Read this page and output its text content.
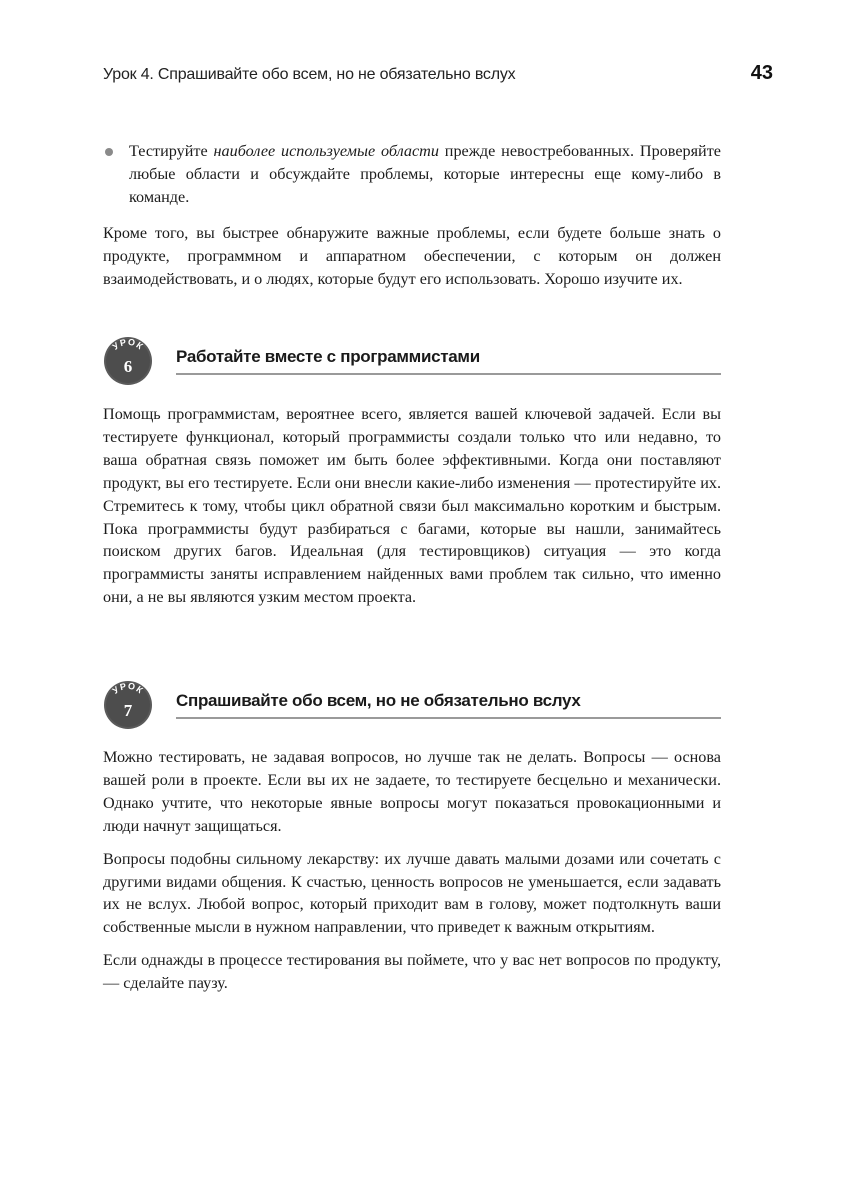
Урок 4. Спрашивайте обо всем, но не обязательно вслух	43
Тестируйте наиболее используемые области прежде невостребованных. Проверяйте любые области и обсуждайте проблемы, которые интересны еще кому-либо в команде.

Кроме того, вы быстрее обнаружите важные проблемы, если будете больше знать о продукте, программном и аппаратном обеспечении, с которым он должен взаимодействовать, и о людях, которые будут его использовать. Хорошо изучите их.

УРОК
6
Работайте вместе с программистами

Помощь программистам, вероятнее всего, является вашей ключевой задачей. Если вы тестируете функционал, который программисты создали только что или недавно, то ваша обратная связь поможет им быть более эффективными. Когда они поставляют продукт, вы его тестируете. Если они внесли какие-либо изменения — протестируйте их. Стремитесь к тому, чтобы цикл обратной связи был максимально коротким и быстрым. Пока программисты будут разбираться с багами, которые вы нашли, занимайтесь поиском других багов. Идеальная (для тестировщиков) ситуация — это когда программисты заняты исправлением найденных вами проблем так сильно, что именно они, а не вы являются узким местом проекта.

УРОК
7
Спрашивайте обо всем, но не обязательно вслух

Можно тестировать, не задавая вопросов, но лучше так не делать. Вопросы — основа вашей роли в проекте. Если вы их не задаете, то тестируете бесцельно и механически. Однако учтите, что некоторые явные вопросы могут показаться провокационными и люди начнут защищаться.

Вопросы подобны сильному лекарству: их лучше давать малыми дозами или сочетать с другими видами общения. К счастью, ценность вопросов не уменьшается, если задавать их не вслух. Любой вопрос, который приходит вам в голову, может подтолкнуть ваши собственные мысли в нужном направлении, что приведет к важным открытиям.

Если однажды в процессе тестирования вы поймете, что у вас нет вопросов по продукту, — сделайте паузу.
